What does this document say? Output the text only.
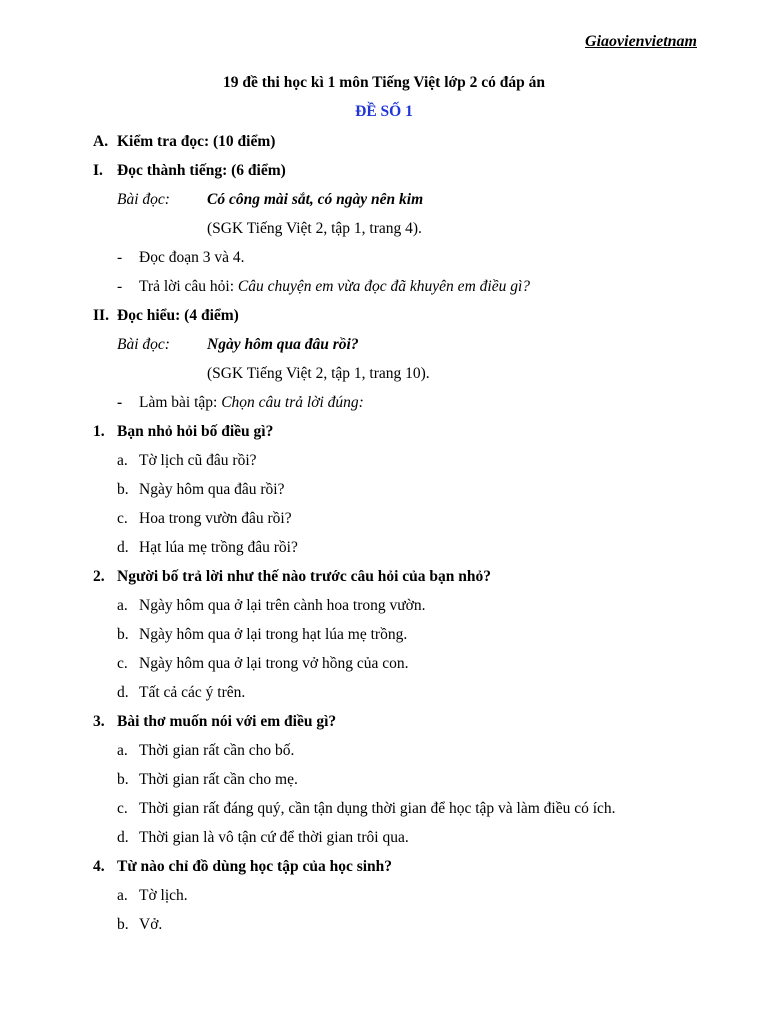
Giaovienvietnam
19 đề thi học kì 1 môn Tiếng Việt lớp 2 có đáp án
ĐỀ SỐ 1
A. Kiểm tra đọc: (10 điểm)
I. Đọc thành tiếng: (6 điểm)
Bài đọc: Có công mài sắt, có ngày nên kim
(SGK Tiếng Việt 2, tập 1, trang 4).
- Đọc đoạn 3 và 4.
- Trả lời câu hỏi: Câu chuyện em vừa đọc đã khuyên em điều gì?
II. Đọc hiểu: (4 điểm)
Bài đọc: Ngày hôm qua đâu rồi?
(SGK Tiếng Việt 2, tập 1, trang 10).
- Làm bài tập: Chọn câu trả lời đúng:
1. Bạn nhỏ hỏi bố điều gì?
a. Tờ lịch cũ đâu rồi?
b. Ngày hôm qua đâu rồi?
c. Hoa trong vườn đâu rồi?
d. Hạt lúa mẹ trồng đâu rồi?
2. Người bố trả lời như thế nào trước câu hỏi của bạn nhỏ?
a. Ngày hôm qua ở lại trên cành hoa trong vườn.
b. Ngày hôm qua ở lại trong hạt lúa mẹ trồng.
c. Ngày hôm qua ở lại trong vở hồng của con.
d. Tất cả các ý trên.
3. Bài thơ muốn nói với em điều gì?
a. Thời gian rất cần cho bố.
b. Thời gian rất cần cho mẹ.
c. Thời gian rất đáng quý, cần tận dụng thời gian để học tập và làm điều có ích.
d. Thời gian là vô tận cứ để thời gian trôi qua.
4. Từ nào chỉ đồ dùng học tập của học sinh?
a. Tờ lịch.
b. Vở.
